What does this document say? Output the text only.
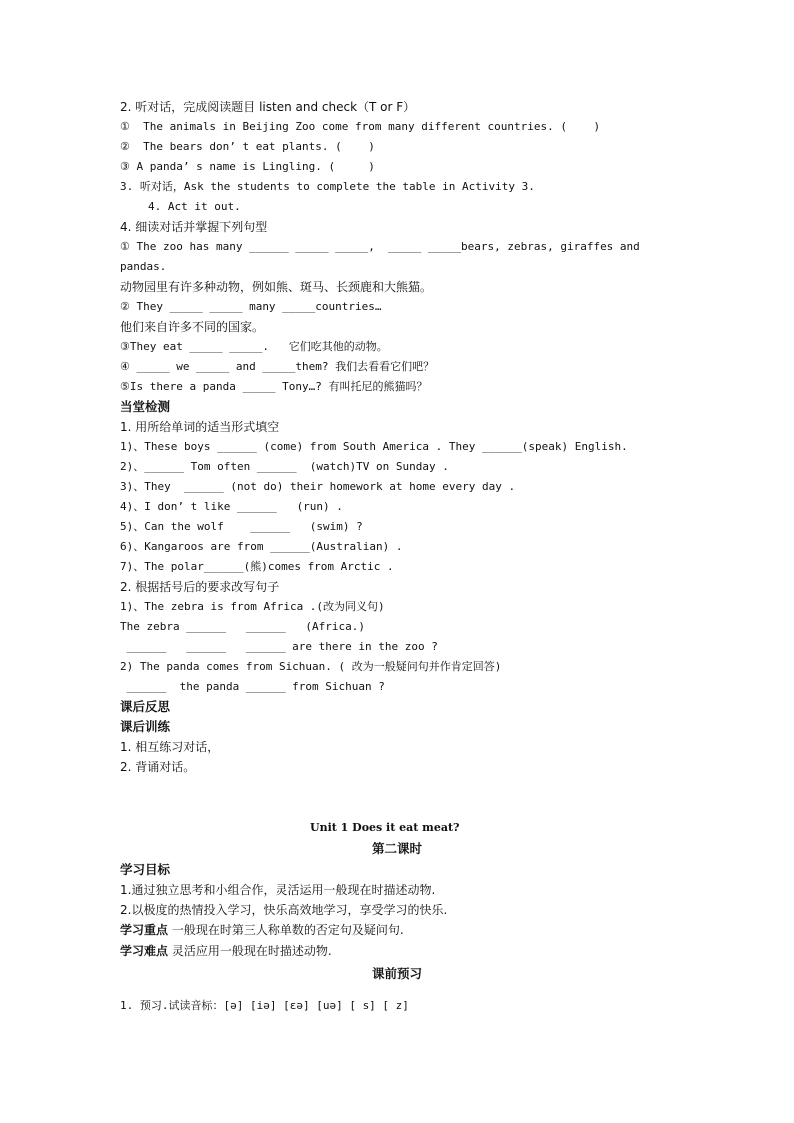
2. 听对话，完成阅读题目 listen and check（T or F）
①  The animals in Beijing Zoo come from many different countries. (    )
②  The bears don’ t eat plants. (    )
③ A panda’ s name is Lingling. (     )
3. 听对话，Ask the students to complete the table in Activity 3.
4. Act it out.
4. 细读对话并掌握下列句型
① The zoo has many ______ _____ _____,  _____ _____bears, zebras, giraffes and
pandas.
动物园里有许多种动物，例如熊、斑马、长颈鹿和大熊猫。
② They _____ _____ many _____countries…
他们来自许多不同的国家。
③They eat _____ _____.   它们吃其他的动物。
④ _____ we _____ and _____them? 我们去看看它们吧？
⑤Is there a panda _____ Tony…? 有叫托尼的熊猫吗？
当堂检测
1. 用所给单词的适当形式填空
1)、These boys ______ (come) from South America . They ______(speak) English.
2)、______ Tom often ______  (watch)TV on Sunday .
3)、They  ______ (not do) their homework at home every day .
4)、I don’ t like ______   (run) .
5)、Can the wolf    ______   (swim) ?
6)、Kangaroos are from ______(Australian) .
7)、The polar______(熊)comes from Arctic .
2. 根据括号后的要求改写句子
1)、The zebra is from Africa .(改为同义句)
The zebra ______   ______   (Africa.)
______   ______   ______ are there in the zoo ?
2) The panda comes from Sichuan. ( 改为一般疑问句并作肯定回答)
______  the panda ______ from Sichuan ?
课后反思
课后训练
1. 相互练习对话，
2. 背诵对话。
Unit 1 Does it eat meat?
第二课时
学习目标
1.通过独立思考和小组合作，灵活运用一般现在时描述动物.
2.以极度的热情投入学习，快乐高效地学习，享受学习的快乐.
学习重点 一般现在时第三人称单数的否定句及疑问句.
学习难点 灵活应用一般现在时描述动物.
课前预习
1. 预习.试读音标：[ə] [iə] [ɛə] [uə] [ s] [ z]
